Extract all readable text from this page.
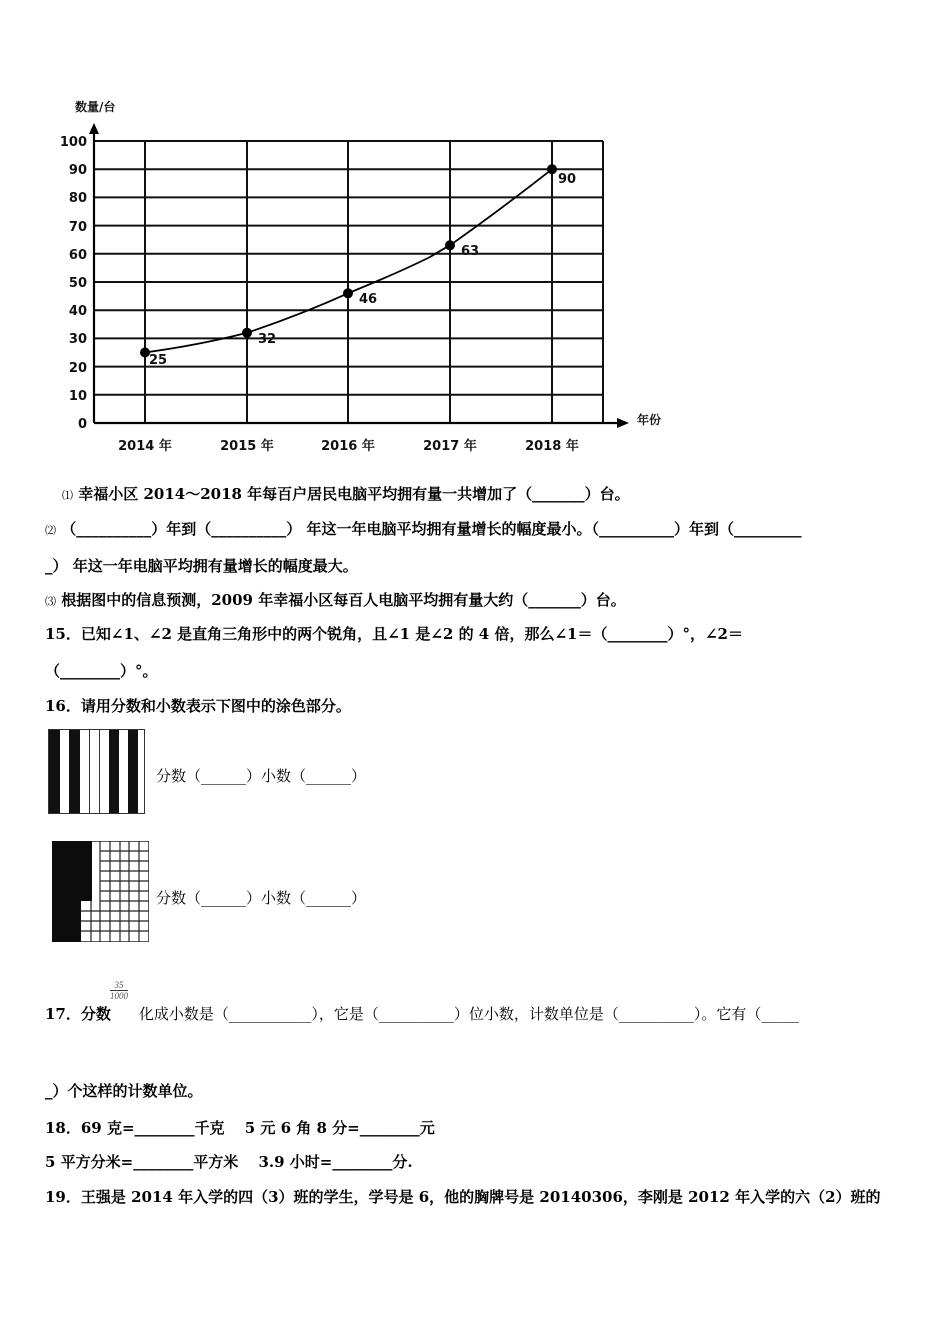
100
90
80
70
60
50
40
30
20
10
0
2014 年	2015 年	2016 年	2017 年	2018 年
数量/台
年份
25
32
46
63
90
⑴ 幸福小区 2014～2018 年每百户居民电脑平均拥有量一共增加了（_______）台。
⑵ （__________）年到（__________） 年这一年电脑平均拥有量增长的幅度最小。（__________）年到（_________
_） 年这一年电脑平均拥有量增长的幅度最大。
⑶ 根据图中的信息预测，2009 年幸福小区每百人电脑平均拥有量大约（_______）台。
15．已知∠1、∠2 是直角三角形中的两个锐角，且∠1 是∠2 的 4 倍，那么∠1＝（________）°，∠2＝
（________）°。
16．请用分数和小数表示下图中的涂色部分。
分数（______）小数（______）
分数（______）小数（______）
$\frac{35}{1000}$
17．分数 化成小数是（___________），它是（__________）位小数，计数单位是（__________）。它有（_____
_）个这样的计数单位。
18．69 克=________千克　 5 元 6 角 8 分=________元
5 平方分米=________平方米　 3.9 小时=________分.
19．王强是 2014 年入学的四（3）班的学生，学号是 6，他的胸牌号是 20140306，李刚是 2012 年入学的六（2）班的
